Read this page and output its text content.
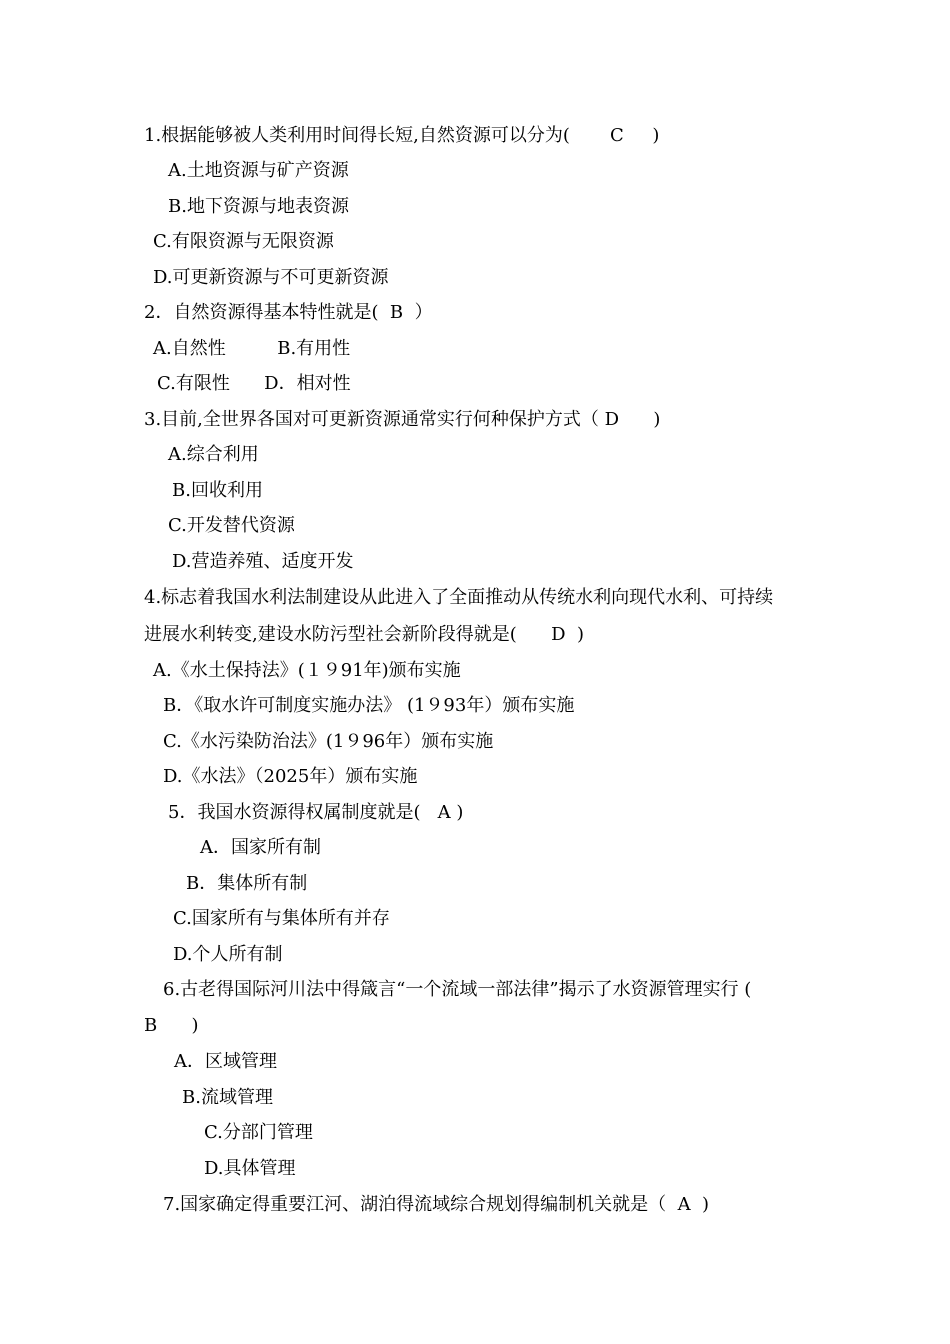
1.根据能够被人类利用时间得长短,自然资源可以分为(       C     )
A.土地资源与矿产资源
B.地下资源与地表资源
C.有限资源与无限资源
D.可更新资源与不可更新资源
2．自然资源得基本特性就是(  B  ）
A.自然性         B.有用性
C.有限性      D．相对性
3.目前,全世界各国对可更新资源通常实行何种保护方式（ D      )
A.综合利用
B.回收利用
C.开发替代资源
D.营造养殖、适度开发
4.标志着我国水利法制建设从此进入了全面推动从传统水利向现代水利、可持续
进展水利转变,建设水防污型社会新阶段得就是(      D  )
A.《水土保持法》(１９91年)颁布实施
B．《取水许可制度实施办法》 (1９93年）颁布实施
C.《水污染防治法》(1９96年）颁布实施
D.《水法》（2025年）颁布实施
5．我国水资源得权属制度就是(   A )
A．国家所有制
B．集体所有制
C.国家所有与集体所有并存
D.个人所有制
6.古老得国际河川法中得箴言“一个流域一部法律”揭示了水资源管理实行 (
B      )
A．区域管理
B.流域管理
C.分部门管理
D.具体管理
7.国家确定得重要江河、湖泊得流域综合规划得编制机关就是（  A  )
